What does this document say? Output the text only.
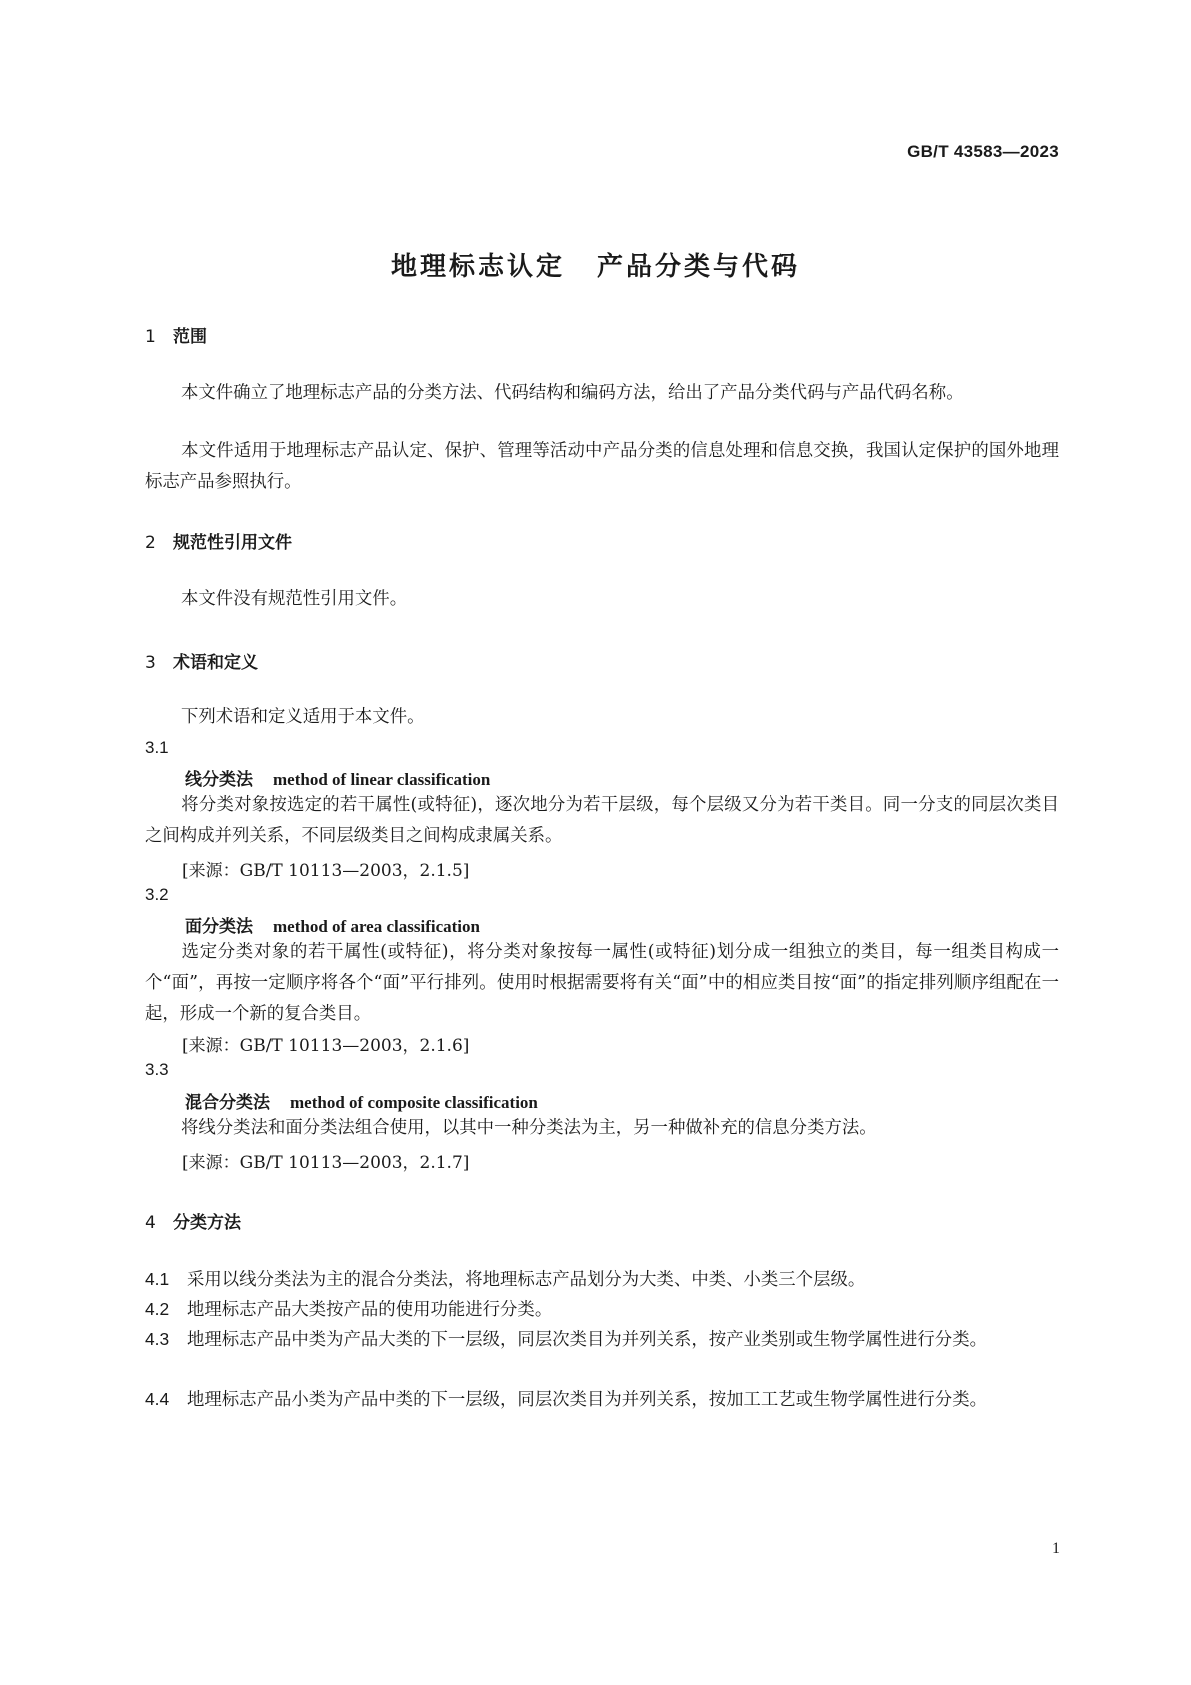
GB/T 43583—2023
地理标志认定 产品分类与代码
1 范围
本文件确立了地理标志产品的分类方法、代码结构和编码方法，给出了产品分类代码与产品代码名称。
本文件适用于地理标志产品认定、保护、管理等活动中产品分类的信息处理和信息交换，我国认定保护的国外地理标志产品参照执行。
2 规范性引用文件
本文件没有规范性引用文件。
3 术语和定义
下列术语和定义适用于本文件。
3.1
线分类法 method of linear classification
将分类对象按选定的若干属性(或特征)，逐次地分为若干层级，每个层级又分为若干类目。同一分支的同层次类目之间构成并列关系，不同层级类目之间构成隶属关系。
[来源：GB/T 10113—2003，2.1.5]
3.2
面分类法 method of area classification
选定分类对象的若干属性(或特征)，将分类对象按每一属性(或特征)划分成一组独立的类目，每一组类目构成一个“面”，再按一定顺序将各个“面”平行排列。使用时根据需要将有关“面”中的相应类目按“面”的指定排列顺序组配在一起，形成一个新的复合类目。
[来源：GB/T 10113—2003，2.1.6]
3.3
混合分类法 method of composite classification
将线分类法和面分类法组合使用，以其中一种分类法为主，另一种做补充的信息分类方法。
[来源：GB/T 10113—2003，2.1.7]
4 分类方法
4.1 采用以线分类法为主的混合分类法，将地理标志产品划分为大类、中类、小类三个层级。
4.2 地理标志产品大类按产品的使用功能进行分类。
4.3 地理标志产品中类为产品大类的下一层级，同层次类目为并列关系，按产业类别或生物学属性进行分类。
4.4 地理标志产品小类为产品中类的下一层级，同层次类目为并列关系，按加工工艺或生物学属性进行分类。
1
